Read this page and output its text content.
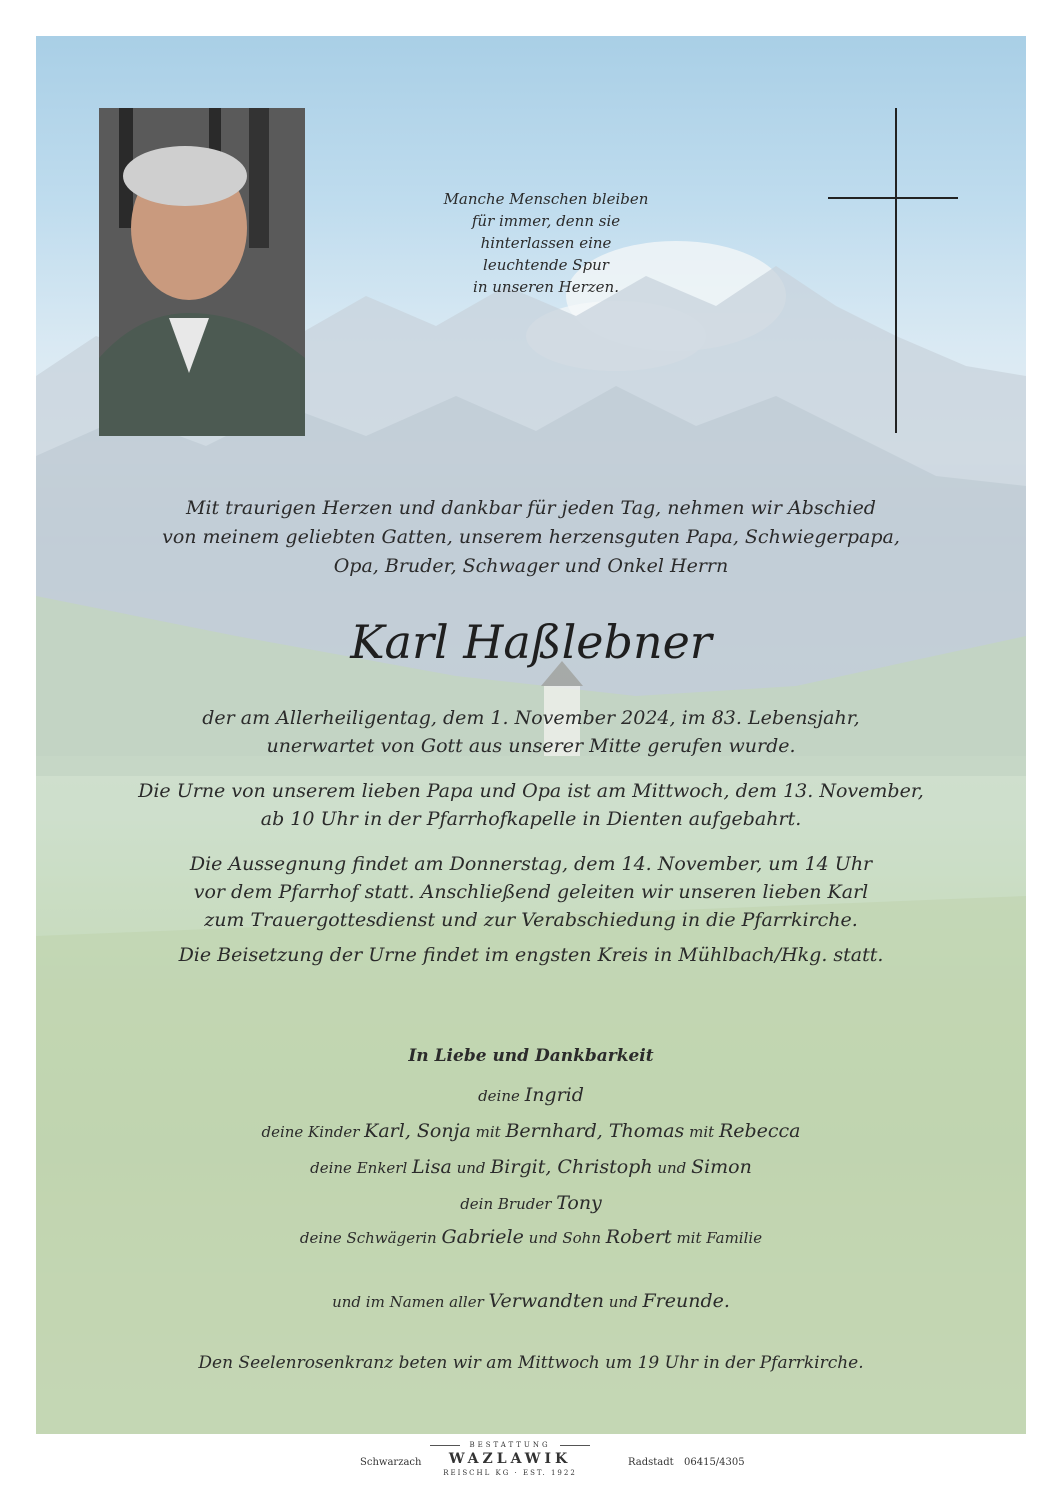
Manche Menschen bleiben
für immer, denn sie
hinterlassen eine
leuchtende Spur
in unseren Herzen.
Mit traurigen Herzen und dankbar für jeden Tag, nehmen wir Abschied
von meinem geliebten Gatten, unserem herzensguten Papa, Schwiegerpapa,
Opa, Bruder, Schwager und Onkel Herrn
Karl Haßlebner
der am Allerheiligentag, dem 1. November 2024, im 83. Lebensjahr,
unerwartet von Gott aus unserer Mitte gerufen wurde.
Die Urne von unserem lieben Papa und Opa ist am Mittwoch, dem 13. November,
ab 10 Uhr in der Pfarrhofkapelle in Dienten aufgebahrt.
Die Aussegnung findet am Donnerstag, dem 14. November, um 14 Uhr
vor dem Pfarrhof statt. Anschließend geleiten wir unseren lieben Karl
zum Trauergottesdienst und zur Verabschiedung in die Pfarrkirche.
Die Beisetzung der Urne findet im engsten Kreis in Mühlbach/Hkg. statt.
In Liebe und Dankbarkeit
deine Ingrid
deine Kinder Karl, Sonja mit Bernhard, Thomas mit Rebecca
deine Enkerl Lisa und Birgit, Christoph und Simon
dein Bruder Tony
deine Schwägerin Gabriele und Sohn Robert mit Familie
und im Namen aller Verwandten und Freunde.
Den Seelenrosenkranz beten wir am Mittwoch um 19 Uhr in der Pfarrkirche.
Schwarzach
BESTATTUNG
WAZLAWIK
REISCHL KG · EST. 1922
Radstadt 06415/4305
